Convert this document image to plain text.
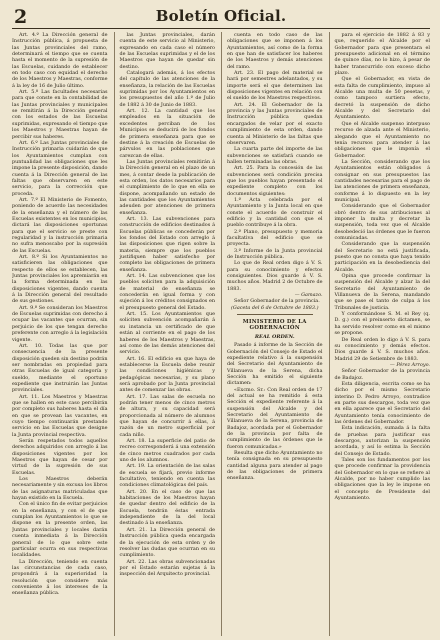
2	Boletín Oficial.

Art. 4.º La Dirección general de Instrucción pública, á propuesta de las Juntas provinciales del ramo, determinará el tiempo que se cuenta hasta el momento de la supresión de las Escuelas, cuidando de establecer en todo caso con equidad el derecho de los Maestros y Maestras, conforme á la ley de 16 de Julio último.

Art. 5.º Las facultades necesarias para que conste en la contabilidad de las Juntas provinciales y municipales se remitirán á la Dirección general con los estados de las Escuelas suprimidas, expresando el tiempo que los Maestros y Maestras hayan de percibir sus haberes.

Art. 6.º Las Juntas provinciales de Instrucción primaria cuidarán de que los Ayuntamientos cumplan con puntualidad las obligaciones que les impone la presente disposición, dando cuenta á la Dirección general de las faltas que observaren en este servicio, para la corrección que proceda.

Art. 7.º El Ministerio de Fomento, poniendo de acuerdo las necesidades de la enseñanza y el número de las Escuelas existentes en los municipios, dictará las disposiciones oportunas para que el servicio se preste con regularidad y la instrucción primaria no sufra menoscabo por la supresión de las Escuelas.

Art. 8.º Si los Ayuntamientos no satisficieren las obligaciones que respecto de ellos se establecen, las Juntas provinciales los apremiarán en la forma determinada en las disposiciones vigentes, dando cuenta á la Dirección general del resultado de sus gestiones.

Art. 9.º Se consideran los Maestros de Escuelas suprimidas con derecho á ocupar las vacantes que ocurran, sin perjuicio de los que tengan derecho preferente con arreglo á la legislación vigente.

Art. 10. Todas las que por consecuencia de la presente disposición queden sin destino podrán ser nombradas en propiedad para otras Escuelas de igual categoría y sueldo, mediante el oportuno expediente que instruirán las Juntas provinciales.

Art. 11. Los Maestros y Maestras que se hallen en este caso percibirán por completo sus haberes hasta el día en que se provean las vacantes, en cuyo tiempo continuarán prestando servicio en las Escuelas que designe la Junta provincial respectiva.

Serán respetados todos aquellos derechos adquiridos con arreglo á las disposiciones vigentes por los Maestros que hayan de cesar por virtud de la supresión de sus Escuelas.

Los Maestros deberán necesariamente y sin excusa los libros de las asignaturas matriculadas que hayan existido en la Escuela.

Con el único fin de evitar perjuicios en la enseñanza, y con el de que cumplan los Ayuntamientos lo que se dispone en la presente orden, las Juntas provinciales y locales darán cuenta inmediata á la Dirección general de lo que sobre este particular ocurra en sus respectivas localidades.

La Dirección, teniendo en cuenta las circunstancias de cada caso, propondrá á la superioridad la resolución que considere más conveniente á los intereses de la enseñanza pública.

las Juntas provinciales, darán cuenta de este servicio al Ministerio, expresando en cada caso el número de las Escuelas suprimidas y el de los Maestros que hayan de quedar sin destino.

Catalogará además, á los efectos del capítulo de las atenciones de la enseñanza, la relación de las Escuelas suprimidas por los Ayuntamientos en los presupuestos del año 1.º de Julio de 1882 á 30 de Junio de 1883.

Art. 12. La cantidad que los empleados en la situación de excedentes perciban de los Municipios se deducirá de los fondos de primera enseñanza para que se destine á la creación de Escuelas de párvulos en las poblaciones que carezcan de ellas.

Las Juntas provinciales remitirán á la Dirección general en el plazo de un mes, á contar desde la publicación de esta orden, los datos necesarios para el cumplimiento de lo que en ella se dispone, acompañando un estado de las cantidades que los Ayuntamientos adeuden por atenciones de primera enseñanza.

Art. 13. Las subvenciones para construcción de edificios destinados á Escuelas públicas se concederán por los fondos del Estado con arreglo á las disposiciones que rigen sobre la materia, siempre que los pueblos justifiquen haber satisfecho por completo las obligaciones de primera enseñanza.

Art. 14. Las subvenciones que los pueblos soliciten para la adquisición de material de enseñanza se concederán en igual forma y con sujeción á los créditos consignados en el presupuesto general del Estado.

Art. 15. Los Ayuntamientos que soliciten subvención acompañarán á su instancia un certificado de que están al corriente en el pago de los haberes de los Maestros y Maestras, así como de las demás atenciones del servicio.

Art. 16. El edificio en que haya de establecerse la Escuela debe reunir las condiciones higiénicas y pedagógicas necesarias, y su plano será aprobado por la Junta provincial antes de comenzar las obras.

Art. 17. Las salas de escuela no podrán tener menos de cinco metros de altura, y su capacidad será proporcionada al número de alumnos que hayan de concurrir á ellas, á razón de un metro superficial por cada niño.

Art. 18. La superficie del patio de recreo corresponderá á una extensión de cinco metros cuadrados por cada uno de los alumnos.

Art. 19. La orientación de las salas de escuela se fijará, previo informe facultativo, teniendo en cuenta las condiciones climatológicas del país.

Art. 20. En el caso de que las habitaciones de los Maestros hayan de quedar dentro del edificio de la Escuela, tendrán éstas entrada independiente de la del local destinado á la enseñanza.

Art. 21. La Dirección general de Instrucción pública queda encargada de la ejecución de esta orden y de resolver las dudas que ocurran en su cumplimiento.

Art. 22. Las obras subvencionadas por el Estado estarán sujetas á la inspección del Arquitecto provincial.

cuenta en todo caso de las obligaciones que se imponen á los Ayuntamientos, así como de la forma en que han de satisfacer los haberes de los Maestros y demás atenciones del ramo.

Art. 23. El pago del material se hará por semestres adelantados, y su importe será el que determinen las disposiciones vigentes en relación con el sueldo de los Maestros respectivos.

Art. 24. El Gobernador de la provincia y las Juntas provinciales de Instrucción pública quedan encargados de velar por el exacto cumplimiento de esta orden, dando cuenta al Ministerio de las faltas que observaren.

La cuarta parte del importe de las subvenciones se satisfará cuando se hallen terminadas las obras.

Art. 25. Para la concesión de las subvenciones será condición precisa que los pueblos hayan presentado el expediente completo con los documentos siguientes:

1.º Acta celebrada por el Ayuntamiento y la Junta local en que conste el acuerdo de construir el edificio y la cantidad con que el pueblo contribuye á la obra.

2.º Plano, presupuesto y memoria facultativa del edificio que se proyecta.

3.º Informe de la Junta provincial de Instrucción pública.

Lo que de Real orden digo á V. S. para su conocimiento y efectos consiguientes. Dios guarde á V. S. muchos años. Madrid 2 de Octubre de 1883.

— Gamazo.

Señor Gobernador de la provincia.

(Gaceta del 6 de Octubre de 1883.)

MINISTERIO DE LA GOBERNACIÓN

REAL ORDEN.

Pasado á informe de la Sección de Gobernación del Consejo de Estado el expediente relativo á la suspensión del Secretario del Ayuntamiento de Villanueva de la Serena, dicha Sección ha emitido el siguiente dictamen:

«Excmo. Sr.: Con Real orden de 17 del actual se ha remitido á esta Sección el expediente referente á la suspensión del Alcalde y del Secretario del Ayuntamiento de Villanueva de la Serena, provincia de Badajoz, acordada por el Gobernador de la provincia por falta de cumplimiento de las órdenes que le fueron comunicadas.»

Resulta que dicho Ayuntamiento no tenía consignada en su presupuesto cantidad alguna para atender al pago de las obligaciones de primera enseñanza.

para el ejercicio de 1882 á 83 y que, requerido el Alcalde por el Gobernador para que presentara el presupuesto adicional en el término de quince días, no lo hizo, á pesar de haber transcurrido con exceso dicho plazo.

Que el Gobernador, en vista de esta falta de cumplimiento, impuso al Alcalde una multa de 50 pesetas, y como tampoco surtiera efecto, decretó la suspensión de dicho Alcalde y del Secretario del Ayuntamiento.

Que el Alcalde suspenso interpuso recurso de alzada ante el Ministerio, alegando que el Ayuntamiento no tenía recursos para atender á las obligaciones que le imponía el Gobernador.

La Sección, considerando que los Ayuntamientos están obligados á consignar en sus presupuestos las cantidades necesarias para el pago de las atenciones de primera enseñanza, conforme á lo dispuesto en la ley municipal.

Considerando que el Gobernador obró dentro de sus atribuciones al imponer la multa y decretar la suspensión, toda vez que el Alcalde desobedeció las órdenes que le fueron comunicadas.

Considerando que la suspensión del Secretario no está justificada, puesto que no consta que haya tenido participación en la desobediencia del Alcalde.

Opina que procede confirmar la suspensión del Alcalde y alzar la del Secretario del Ayuntamiento de Villanueva de la Serena, mandando que se pase el tanto de culpa á los Tribunales de justicia.

Y conformándose S. M. el Rey (q. D. g.) con el preinserto dictamen, se ha servido resolver como en el mismo se propone.

De Real orden lo digo á V. S. para su conocimiento y demás efectos. Dios guarde á V. S. muchos años. Madrid 29 de Setiembre de 1883.

— Pérez Arroyo.

Señor Gobernador de la provincia de Badajoz.

Esta diligencia, escrita como se ha dicho por el mismo Secretario interino D. Pedro Arroyo, contradice en parte sus descargos, toda vez que en ella aparece que el Secretario del Ayuntamiento tenía conocimiento de las órdenes del Gobernador.

Esta indicación, sumada á la falta de pruebas para justificar sus descargos, autorizan la suspensión acordada, y así lo estima la Sección del Consejo de Estado.

Tales son los fundamentos por los que procede confirmar la providencia del Gobernador en lo que se refiere al Alcalde, por no haber cumplido las obligaciones que la ley le impone en el concepto de Presidente del Ayuntamiento.
